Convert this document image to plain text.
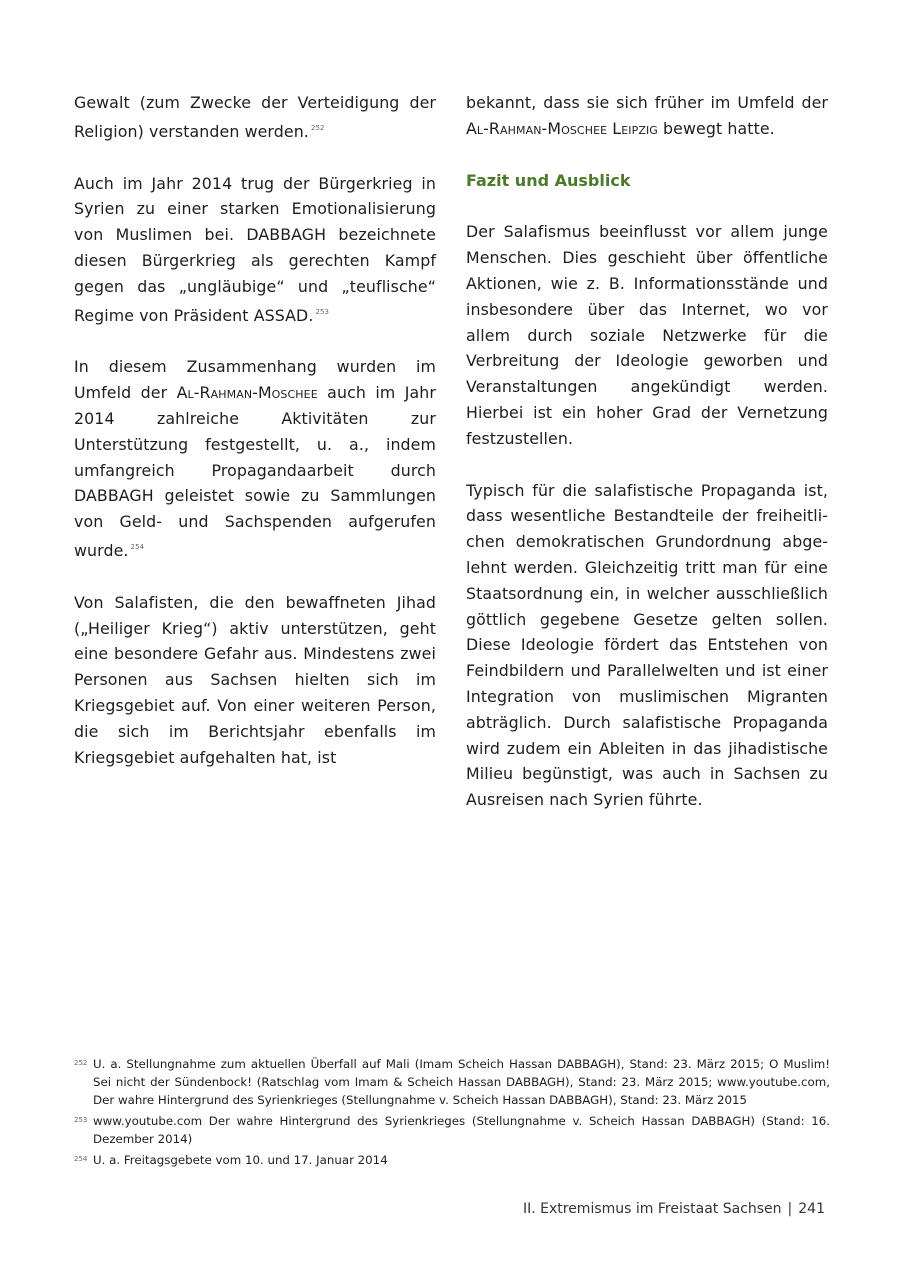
Gewalt (zum Zwecke der Verteidigung der Religion) verstanden werden. $^{252}$

Auch im Jahr 2014 trug der Bürgerkrieg in Syrien zu einer starken Emotionalisierung von Muslimen bei. DABBAGH bezeichnete diesen Bürgerkrieg als gerechten Kampf gegen das „ungläubige“ und „teuflische“ Regime von Präsident ASSAD. $^{253}$

In diesem Zusammenhang wurden im Umfeld der Al-Rahman-Moschee auch im Jahr 2014 zahlreiche Aktivitäten zur Unterstützung festgestellt, u. a., indem umfangreich Propagandaarbeit durch DABBAGH geleistet sowie zu Sammlungen von Geld- und Sachspenden aufgerufen wurde. $^{254}$

Von Salafisten, die den bewaffneten Jihad („Heiliger Krieg“) aktiv unterstützen, geht eine besondere Gefahr aus. Mindestens zwei Personen aus Sachsen hielten sich im Kriegsgebiet auf. Von einer weiteren Person, die sich im Berichtsjahr ebenfalls im Kriegsgebiet aufgehalten hat, ist

bekannt, dass sie sich früher im Umfeld der Al-Rahman-Moschee Leipzig bewegt hatte.

Fazit und Ausblick

Der Salafismus beeinflusst vor allem junge Menschen. Dies geschieht über öffentliche Aktionen, wie z. B. Informationsstände und insbesondere über das Internet, wo vor allem durch soziale Netzwerke für die Verbreitung der Ideologie geworben und Veranstaltungen angekündigt werden. Hierbei ist ein hoher Grad der Vernetzung festzustellen.

Typisch für die salafistische Propaganda ist, dass wesentliche Bestandteile der freiheitlichen demokratischen Grundordnung abgelehnt werden. Gleichzeitig tritt man für eine Staatsordnung ein, in welcher ausschließlich göttlich gegebene Gesetze gelten sollen. Diese Ideologie fördert das Entstehen von Feindbildern und Parallelwelten und ist einer Integration von muslimischen Migranten abträglich. Durch salafistische Propaganda wird zudem ein Ableiten in das jihadistische Milieu begünstigt, was auch in Sachsen zu Ausreisen nach Syrien führte.

252 U. a. Stellungnahme zum aktuellen Überfall auf Mali (Imam Scheich Hassan DABBAGH), Stand: 23. März 2015; O Muslim! Sei nicht der Sündenbock! (Ratschlag vom Imam & Scheich Hassan DABBAGH), Stand: 23. März 2015; www.youtube.com, Der wahre Hintergrund des Syrienkrieges (Stellungnahme v. Scheich Hassan DABBAGH), Stand: 23. März 2015
253 www.youtube.com Der wahre Hintergrund des Syrienkrieges (Stellungnahme v. Scheich Hassan DABBAGH) (Stand: 16. Dezember 2014)
254 U. a. Freitagsgebete vom 10. und 17. Januar 2014
II. Extremismus im Freistaat Sachsen | 241
